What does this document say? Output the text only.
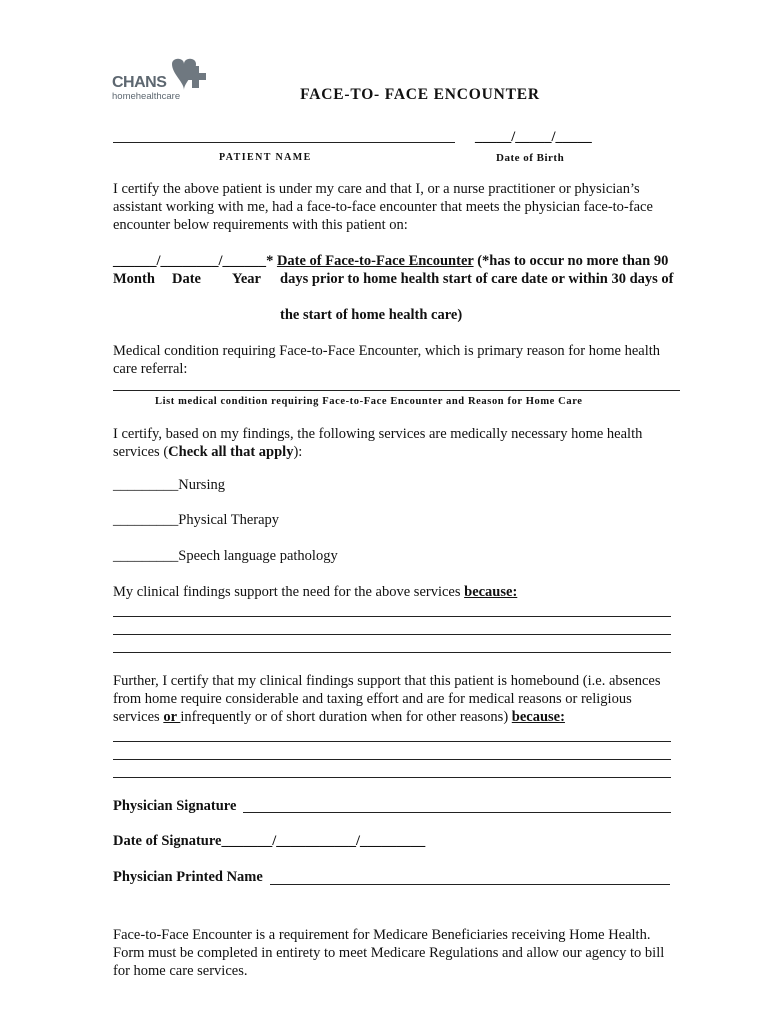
CHANS
homehealthcare	FACE-TO- FACE ENCOUNTER
PATIENT NAME
_____/_____/_____
Date of Birth
I certify the above patient is under my care and that I, or a nurse practitioner or physician’s
assistant working with me, had a face-to-face encounter that meets the physician face-to-face
encounter below requirements with this patient on:
______/________/______* Date of Face-to-Face Encounter (*has to occur no more than 90
Month Date Year days prior to home health start of care date or within 30 days of
the start of home health care)
Medical condition requiring Face-to-Face Encounter, which is primary reason for home health
care referral:
List medical condition requiring Face-to-Face Encounter and Reason for Home Care
I certify, based on my findings, the following services are medically necessary home health
services (Check all that apply):
_________Nursing
_________Physical Therapy
_________Speech language pathology
My clinical findings support the need for the above services because:
Further, I certify that my clinical findings support that this patient is homebound (i.e. absences
from home require considerable and taxing effort and are for medical reasons or religious
services or infrequently or of short duration when for other reasons) because:
Physician Signature
Date of Signature_______/___________/_________
Physician Printed Name
Face-to-Face Encounter is a requirement for Medicare Beneficiaries receiving Home Health.
Form must be completed in entirety to meet Medicare Regulations and allow our agency to bill
for home care services.
